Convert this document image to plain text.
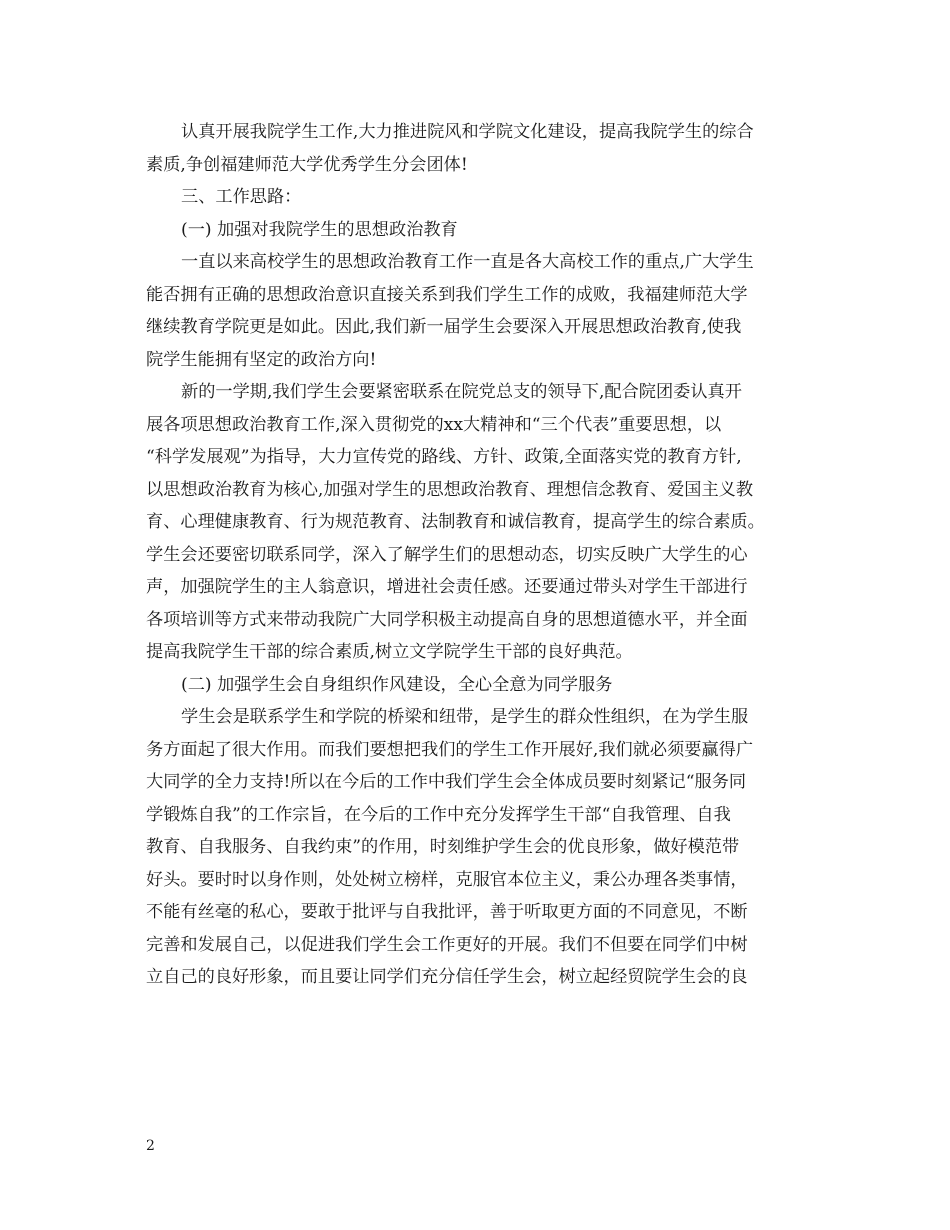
认真开展我院学生工作,大力推进院风和学院文化建设，提高我院学生的综合
素质,争创福建师范大学优秀学生分会团体!
三、工作思路：
(一) 加强对我院学生的思想政治教育
一直以来高校学生的思想政治教育工作一直是各大高校工作的重点,广大学生
能否拥有正确的思想政治意识直接关系到我们学生工作的成败，我福建师范大学
继续教育学院更是如此。因此,我们新一届学生会要深入开展思想政治教育,使我
院学生能拥有坚定的政治方向!
新的一学期,我们学生会要紧密联系在院党总支的领导下,配合院团委认真开
展各项思想政治教育工作,深入贯彻党的xx大精神和“三个代表”重要思想，以
“科学发展观”为指导，大力宣传党的路线、方针、政策,全面落实党的教育方针,
以思想政治教育为核心,加强对学生的思想政治教育、理想信念教育、爱国主义教
育、心理健康教育、行为规范教育、法制教育和诚信教育，提高学生的综合素质。
学生会还要密切联系同学，深入了解学生们的思想动态，切实反映广大学生的心
声，加强院学生的主人翁意识，增进社会责任感。还要通过带头对学生干部进行
各项培训等方式来带动我院广大同学积极主动提高自身的思想道德水平，并全面
提高我院学生干部的综合素质,树立文学院学生干部的良好典范。
(二) 加强学生会自身组织作风建设，全心全意为同学服务
学生会是联系学生和学院的桥梁和纽带，是学生的群众性组织，在为学生服
务方面起了很大作用。而我们要想把我们的学生工作开展好,我们就必须要赢得广
大同学的全力支持!所以在今后的工作中我们学生会全体成员要时刻紧记“服务同
学锻炼自我”的工作宗旨，在今后的工作中充分发挥学生干部“自我管理、自我
教育、自我服务、自我约束”的作用，时刻维护学生会的优良形象，做好模范带
好头。要时时以身作则，处处树立榜样，克服官本位主义，秉公办理各类事情，
不能有丝毫的私心，要敢于批评与自我批评，善于听取更方面的不同意见，不断
完善和发展自己，以促进我们学生会工作更好的开展。我们不但要在同学们中树
立自己的良好形象，而且要让同学们充分信任学生会，树立起经贸院学生会的良
2
